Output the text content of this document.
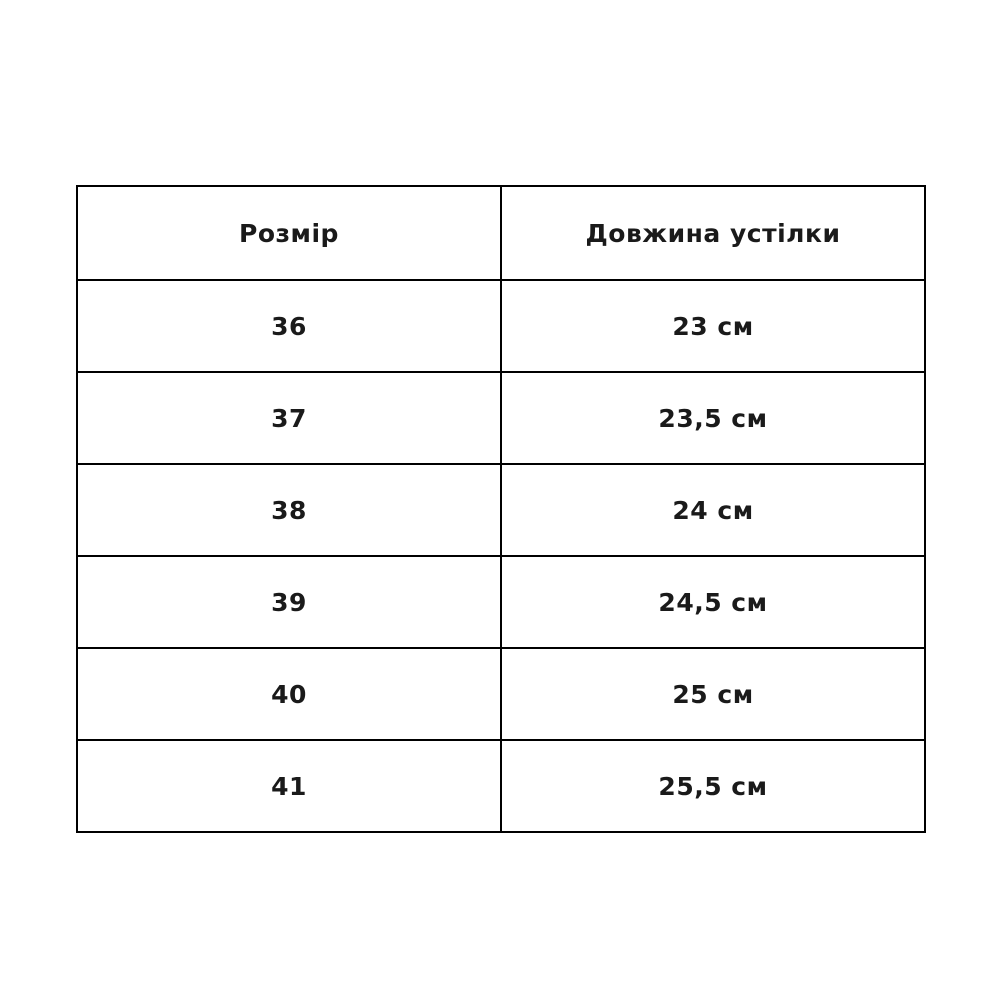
Розмір	Довжина устілки
36	23 см
37	23,5 см
38	24 см
39	24,5 см
40	25 см
41	25,5 см
